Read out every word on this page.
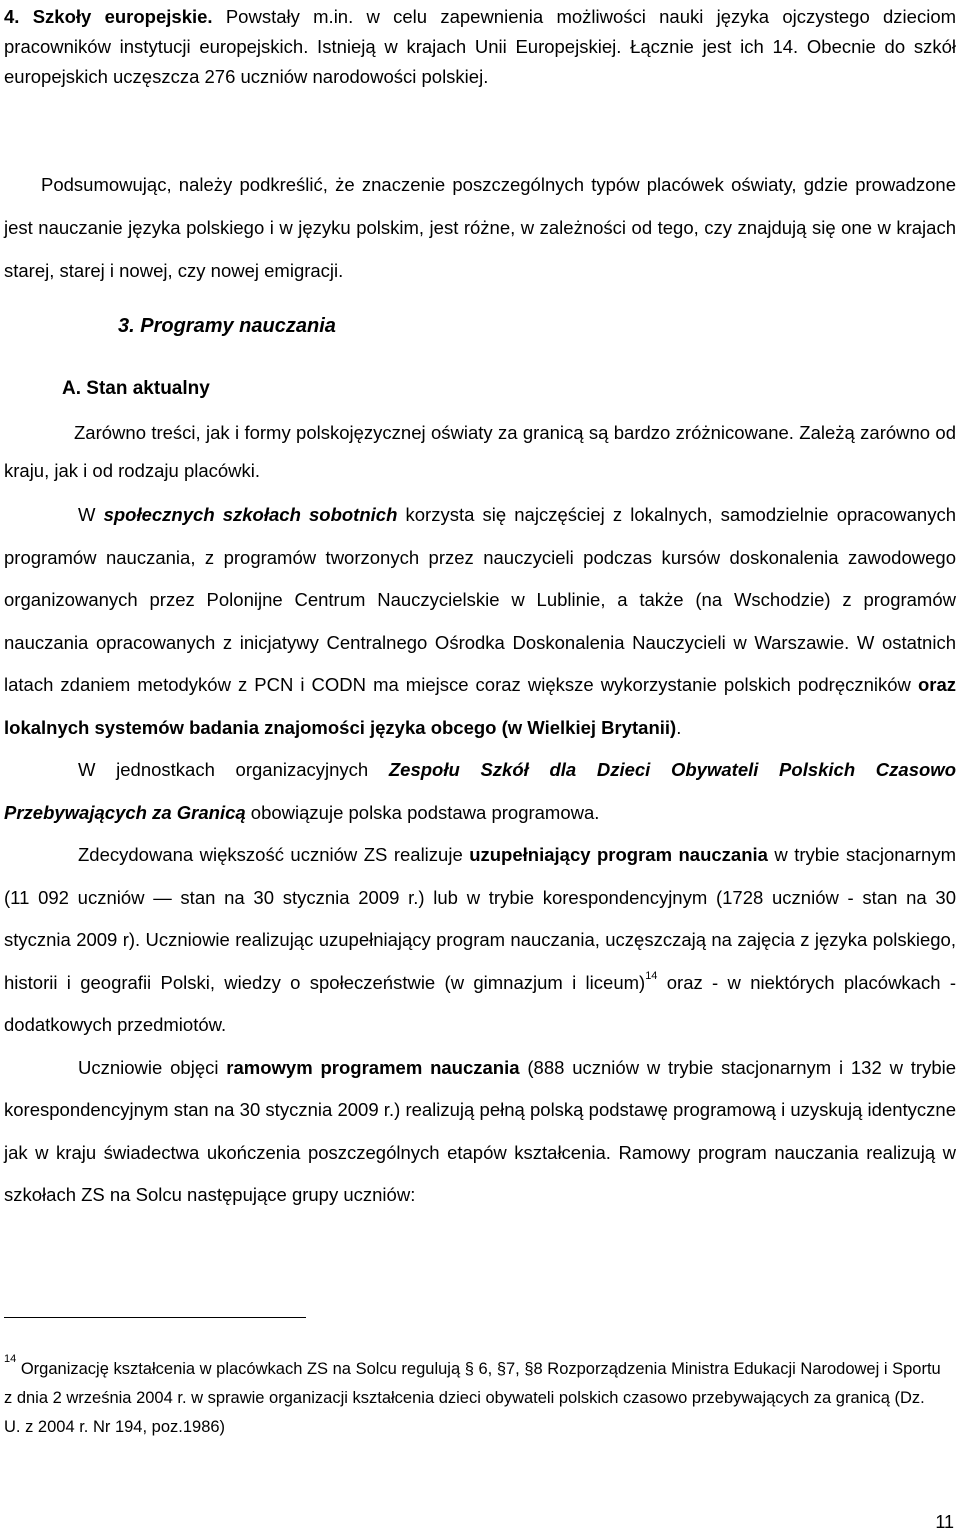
4. Szkoły europejskie. Powstały m.in. w celu zapewnienia możliwości nauki języka ojczystego dzieciom pracowników instytucji europejskich. Istnieją w krajach Unii Europejskiej. Łącznie jest ich 14. Obecnie do szkół europejskich uczęszcza 276 uczniów narodowości polskiej.
Podsumowując, należy podkreślić, że znaczenie poszczególnych typów placówek oświaty, gdzie prowadzone jest nauczanie języka polskiego i w języku polskim, jest różne, w zależności od tego, czy znajdują się one w krajach starej, starej i nowej, czy nowej emigracji.
3. Programy nauczania
A. Stan aktualny
Zarówno treści, jak i formy polskojęzycznej oświaty za granicą są bardzo zróżnicowane. Zależą zarówno od kraju, jak i od rodzaju placówki.

W społecznych szkołach sobotnich korzysta się najczęściej z lokalnych, samodzielnie opracowanych programów nauczania, z programów tworzonych przez nauczycieli podczas kursów doskonalenia zawodowego organizowanych przez Polonijne Centrum Nauczycielskie w Lublinie, a także (na Wschodzie) z programów nauczania opracowanych z inicjatywy Centralnego Ośrodka Doskonalenia Nauczycieli w Warszawie. W ostatnich latach zdaniem metodyków z PCN i CODN ma miejsce coraz większe wykorzystanie polskich podręczników oraz lokalnych systemów badania znajomości języka obcego (w Wielkiej Brytanii).

W jednostkach organizacyjnych Zespołu Szkół dla Dzieci Obywateli Polskich Czasowo Przebywających za Granicą obowiązuje polska podstawa programowa.

Zdecydowana większość uczniów ZS realizuje uzupełniający program nauczania w trybie stacjonarnym (11 092 uczniów — stan na 30 stycznia 2009 r.) lub w trybie korespondencyjnym (1728 uczniów - stan na 30 stycznia 2009 r). Uczniowie realizując uzupełniający program nauczania, uczęszczają na zajęcia z języka polskiego, historii i geografii Polski, wiedzy o społeczeństwie (w gimnazjum i liceum)$^{14}$ oraz - w niektórych placówkach - dodatkowych przedmiotów.

Uczniowie objęci ramowym programem nauczania (888 uczniów w trybie stacjonarnym i 132 w trybie korespondencyjnym stan na 30 stycznia 2009 r.) realizują pełną polską podstawę programową i uzyskują identyczne jak w kraju świadectwa ukończenia poszczególnych etapów kształcenia. Ramowy program nauczania realizują w szkołach ZS na Solcu następujące grupy uczniów:

$^{14}$ Organizację kształcenia w placówkach ZS na Solcu regulują § 6, §7, §8 Rozporządzenia Ministra Edukacji Narodowej i Sportu z dnia 2 września 2004 r. w sprawie organizacji kształcenia dzieci obywateli polskich czasowo przebywających za granicą (Dz. U. z 2004 r. Nr 194, poz.1986)
11
